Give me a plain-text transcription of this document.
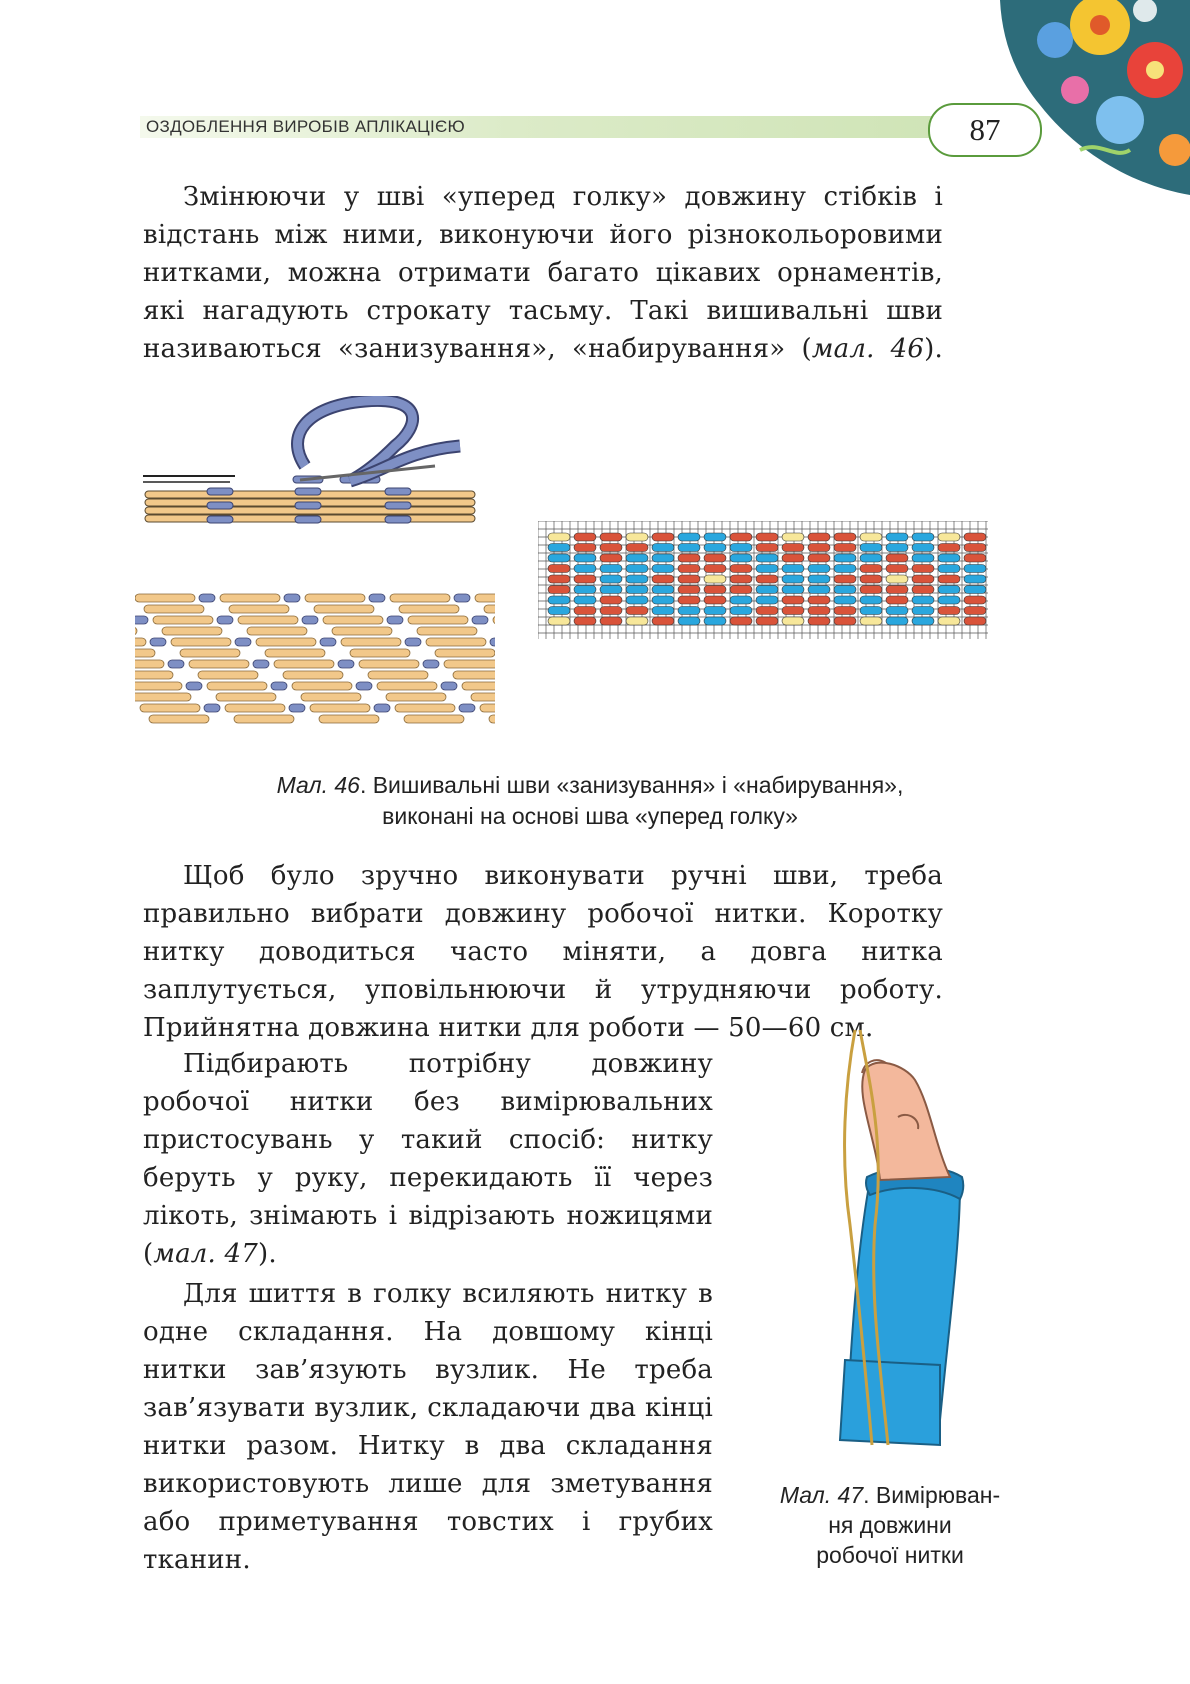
ОЗДОБЛЕННЯ ВИРОБІВ АПЛІКАЦІЄЮ	87

Змінюючи у шві «уперед голку» довжину стібків і відстань між ними, виконуючи його різнокольоровими нитками, можна отримати багато цікавих орнаментів, які нагадують строкату тасьму. Такі вишивальні шви називаються «занизування», «набирування» (мал. 46).

Мал. 46. Вишивальні шви «занизування» і «набирування»,
виконані на основі шва «уперед голку»

Щоб було зручно виконувати ручні шви, треба правильно вибрати довжину робочої нитки. Коротку нитку доводиться часто міняти, а довга нитка заплутується, уповільнюючи й утрудняючи роботу. Прийнятна довжина нитки для роботи — 50—60 см.

Підбирають потрібну довжину робочої нитки без вимірювальних пристосувань у такий спосіб: нитку беруть у руку, перекидають її через лікоть, знімають і відрізають ножицями (мал. 47).

Для шиття в голку всиляють нитку в одне складання. На довшому кінці нитки зав’язують вузлик. Не треба зав’язувати вузлик, складаючи два кінці нитки разом. Нитку в два складання використовують лише для зметування або приметування товстих і грубих тканин.

Мал. 47. Вимірюван-
ня довжини
робочої нитки
